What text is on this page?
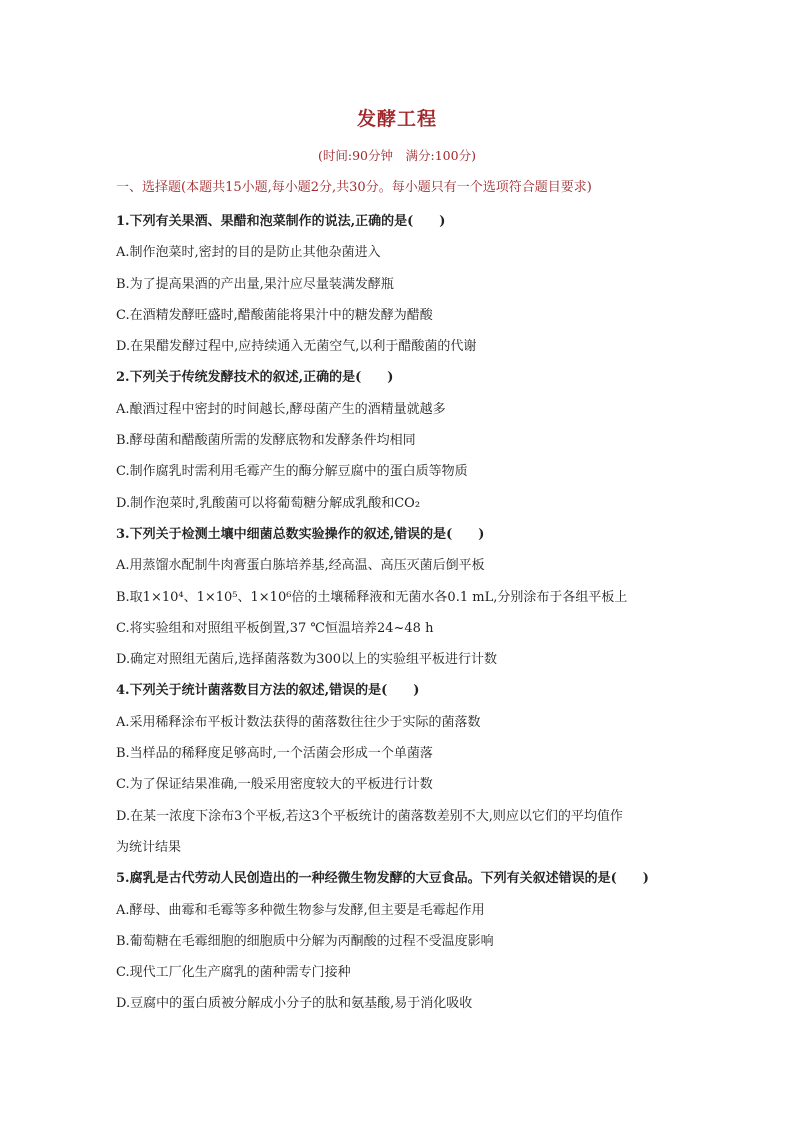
发酵工程
(时间:90分钟　满分:100分)
一、选择题(本题共15小题,每小题2分,共30分。每小题只有一个选项符合题目要求)
1.下列有关果酒、果醋和泡菜制作的说法,正确的是(　　)
A.制作泡菜时,密封的目的是防止其他杂菌进入
B.为了提高果酒的产出量,果汁应尽量装满发酵瓶
C.在酒精发酵旺盛时,醋酸菌能将果汁中的糖发酵为醋酸
D.在果醋发酵过程中,应持续通入无菌空气,以利于醋酸菌的代谢
2.下列关于传统发酵技术的叙述,正确的是(　　)
A.酿酒过程中密封的时间越长,酵母菌产生的酒精量就越多
B.酵母菌和醋酸菌所需的发酵底物和发酵条件均相同
C.制作腐乳时需利用毛霉产生的酶分解豆腐中的蛋白质等物质
D.制作泡菜时,乳酸菌可以将葡萄糖分解成乳酸和CO₂
3.下列关于检测土壤中细菌总数实验操作的叙述,错误的是(　　)
A.用蒸馏水配制牛肉膏蛋白胨培养基,经高温、高压灭菌后倒平板
B.取1×10⁴、1×10⁵、1×10⁶倍的土壤稀释液和无菌水各0.1 mL,分别涂布于各组平板上
C.将实验组和对照组平板倒置,37 ℃恒温培养24~48 h
D.确定对照组无菌后,选择菌落数为300以上的实验组平板进行计数
4.下列关于统计菌落数目方法的叙述,错误的是(　　)
A.采用稀释涂布平板计数法获得的菌落数往往少于实际的菌落数
B.当样品的稀释度足够高时,一个活菌会形成一个单菌落
C.为了保证结果准确,一般采用密度较大的平板进行计数
D.在某一浓度下涂布3个平板,若这3个平板统计的菌落数差别不大,则应以它们的平均值作
为统计结果
5.腐乳是古代劳动人民创造出的一种经微生物发酵的大豆食品。下列有关叙述错误的是(　　)
A.酵母、曲霉和毛霉等多种微生物参与发酵,但主要是毛霉起作用
B.葡萄糖在毛霉细胞的细胞质中分解为丙酮酸的过程不受温度影响
C.现代工厂化生产腐乳的菌种需专门接种
D.豆腐中的蛋白质被分解成小分子的肽和氨基酸,易于消化吸收
